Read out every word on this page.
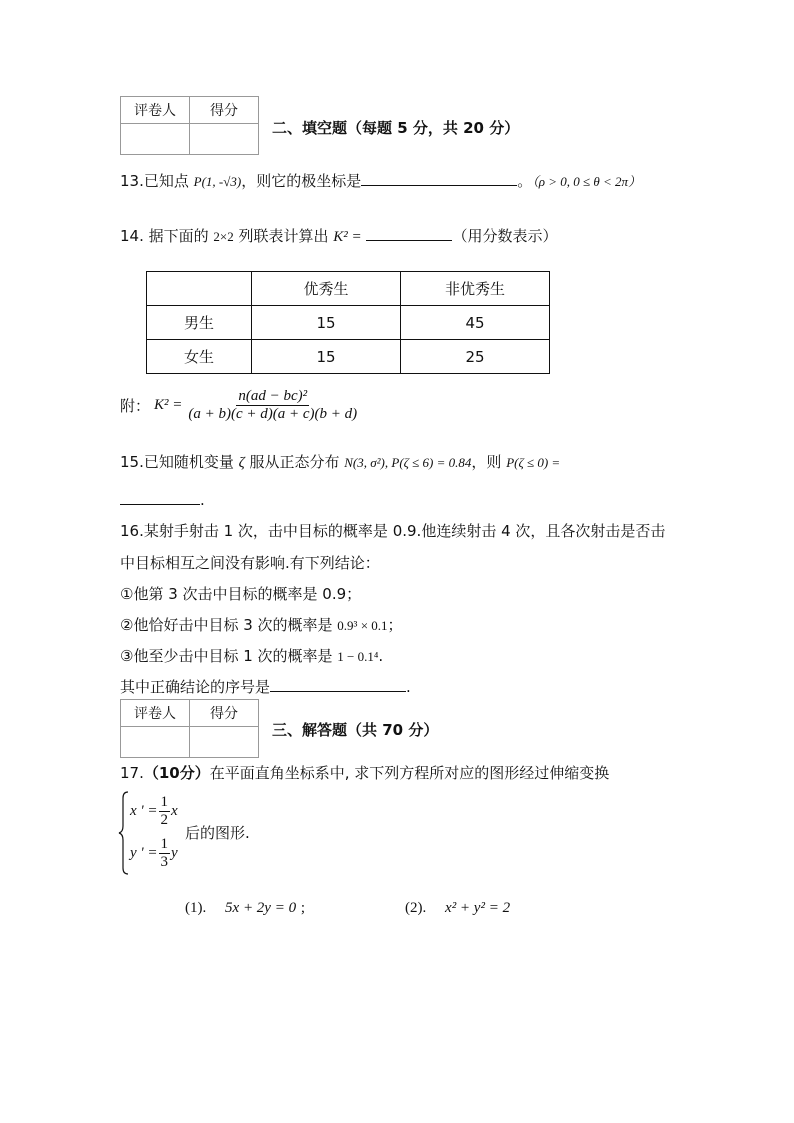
评卷人	得分

二、填空题（每题 5 分，共 20 分）
13.已知点 P(1, -√3)，则它的极坐标是	。（ρ > 0, 0 ≤ θ < 2π）
14. 据下面的 2×2 列联表计算出 K² =	（用分数表示）
	优秀生	非优秀生
男生	15	45
女生	15	25
附： $K^2 = \frac{\text{n(ad − bc)²}}{(a + b)(c + d)(a + c)(b + d)}$
15.已知随机变量 ζ 服从正态分布 N(3, σ²), P(ζ ≤ 6) = 0.84，则 P(ζ ≤ 0) =
.
16.某射手射击 1 次，击中目标的概率是 0.9.他连续射击 4 次，且各次射击是否击
中目标相互之间没有影响.有下列结论：
①他第 3 次击中目标的概率是 0.9；
②他恰好击中目标 3 次的概率是 0.9³ × 0.1；
③他至少击中目标 1 次的概率是 1 − 0.1⁴.
其中正确结论的序号是	.
评卷人	得分

三、解答题（共 70 分）
17.（10分）在平面直角坐标系中, 求下列方程所对应的图形经过伸缩变换
x ' = $\frac{1}{2}$ x
y ' = $\frac{1}{3}$ y
后的图形.
(1). 5x + 2y = 0 ;	(2). x² + y² = 2
